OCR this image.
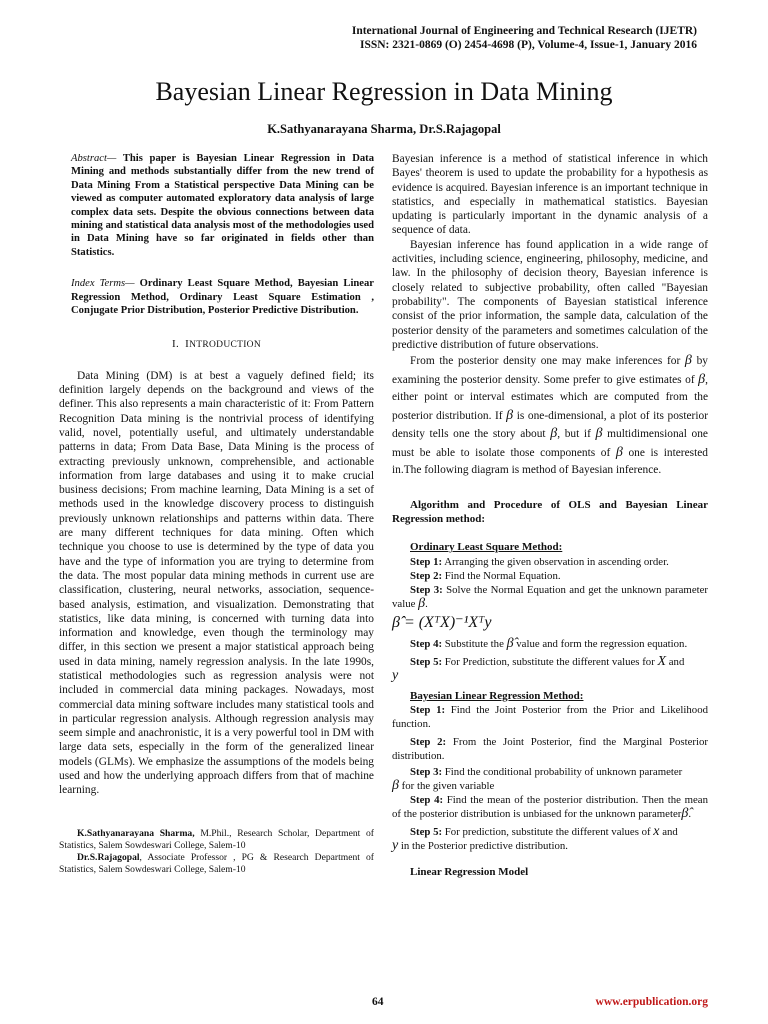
International Journal of Engineering and Technical Research (IJETR)
ISSN: 2321-0869 (O) 2454-4698 (P), Volume-4, Issue-1, January 2016
Bayesian Linear Regression in Data Mining
K.Sathyanarayana Sharma, Dr.S.Rajagopal

Abstract— This paper is Bayesian Linear Regression in Data Mining and methods substantially differ from the new trend of Data Mining From a Statistical perspective Data Mining can be viewed as computer automated exploratory data analysis of large complex data sets. Despite the obvious connections between data mining and statistical data analysis most of the methodologies used in Data Mining have so far originated in fields other than Statistics.

Index Terms— Ordinary Least Square Method, Bayesian Linear Regression Method, Ordinary Least Square Estimation , Conjugate Prior Distribution, Posterior Predictive Distribution.

I. INTRODUCTION

Data Mining (DM) is at best a vaguely defined field; its definition largely depends on the background and views of the definer. This also represents a main characteristic of it: From Pattern Recognition Data mining is the nontrivial process of identifying valid, novel, potentially useful, and ultimately understandable patterns in data; From Data Base, Data Mining is the process of extracting previously unknown, comprehensible, and actionable information from large databases and using it to make crucial business decisions; From machine learning, Data Mining is a set of methods used in the knowledge discovery process to distinguish previously unknown relationships and patterns within data. There are many different techniques for data mining. Often which technique you choose to use is determined by the type of data you have and the type of information you are trying to determine from the data. The most popular data mining methods in current use are classification, clustering, neural networks, association, sequence-based analysis, estimation, and visualization. Demonstrating that statistics, like data mining, is concerned with turning data into information and knowledge, even though the terminology may differ, in this section we present a major statistical approach being used in data mining, namely regression analysis. In the late 1990s, statistical methodologies such as regression analysis were not included in commercial data mining packages. Nowadays, most commercial data mining software includes many statistical tools and in particular regression analysis. Although regression analysis may seem simple and anachronistic, it is a very powerful tool in DM with large data sets, especially in the form of the generalized linear models (GLMs). We emphasize the assumptions of the models being used and how the underlying approach differs from that of machine learning.

K.Sathyanarayana Sharma, M.Phil., Research Scholar, Department of Statistics, Salem Sowdeswari College, Salem-10

Dr.S.Rajagopal, Associate Professor , PG & Research Department of Statistics, Salem Sowdeswari College, Salem-10

Bayesian inference is a method of statistical inference in which Bayes' theorem is used to update the probability for a hypothesis as evidence is acquired. Bayesian inference is an important technique in statistics, and especially in mathematical statistics. Bayesian updating is particularly important in the dynamic analysis of a sequence of data.

Bayesian inference has found application in a wide range of activities, including science, engineering, philosophy, medicine, and law. In the philosophy of decision theory, Bayesian inference is closely related to subjective probability, often called "Bayesian probability". The components of Bayesian statistical inference consist of the prior information, the sample data, calculation of the posterior density of the parameters and sometimes calculation of the predictive distribution of future observations.

From the posterior density one may make inferences for β by examining the posterior density. Some prefer to give estimates of β, either point or interval estimates which are computed from the posterior distribution. If β is one-dimensional, a plot of its posterior density tells one the story about β, but if β multidimensional one must be able to isolate those components of β one is interested in.The following diagram is method of Bayesian inference.

Algorithm and Procedure of OLS and Bayesian Linear Regression method:

Ordinary Least Square Method:

Step 1: Arranging the given observation in ascending order.

Step 2: Find the Normal Equation.

Step 3: Solve the Normal Equation and get the unknown parameter value β.

β̂ = (XᵀX)⁻¹Xᵀy

Step 4: Substitute the β̂ value and form the regression equation.

Step 5: For Prediction, substitute the different values for X and
y

Bayesian Linear Regression Method:

Step 1: Find the Joint Posterior from the Prior and Likelihood function.

Step 2: From the Joint Posterior, find the Marginal Posterior distribution.

Step 3: Find the conditional probability of unknown parameter
β for the given variable

Step 4: Find the mean of the posterior distribution. Then the mean of the posterior distribution is unbiased for the unknown parameterβ̂.

Step 5: For prediction, substitute the different values of x and
y in the Posterior predictive distribution.

Linear Regression Model

64	www.erpublication.org
